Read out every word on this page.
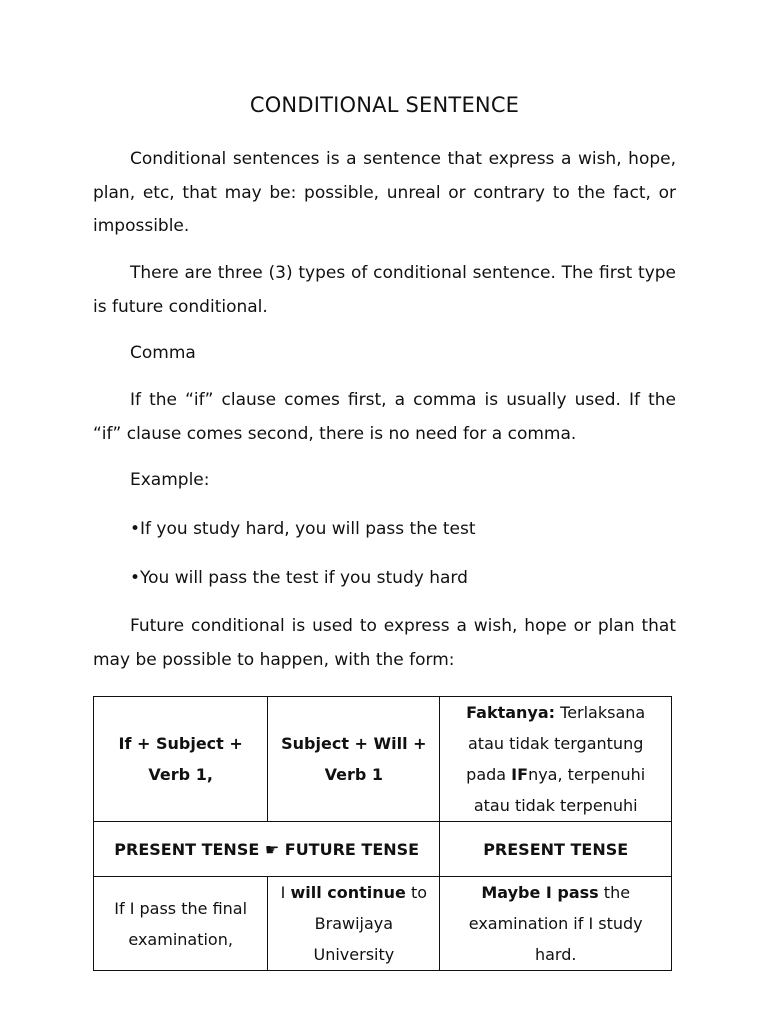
CONDITIONAL SENTENCE

Conditional sentences is a sentence that express a wish, hope, plan, etc, that may be: possible, unreal or contrary to the fact, or impossible.

There are three (3) types of conditional sentence. The first type is future conditional.

Comma

If the “if” clause comes first, a comma is usually used. If the “if” clause comes second, there is no need for a comma.

Example:

•If you study hard, you will pass the test

•You will pass the test if you study hard

Future conditional is used to express a wish, hope or plan that may be possible to happen, with the form:

If + Subject + Verb 1,	Subject + Will + Verb 1	Faktanya: Terlaksana atau tidak tergantung pada IFnya, terpenuhi atau tidak terpenuhi
PRESENT TENSE ☛ FUTURE TENSE		PRESENT TENSE
If I pass the final examination,	I will continue to Brawijaya University	Maybe I pass the examination if I study hard.
